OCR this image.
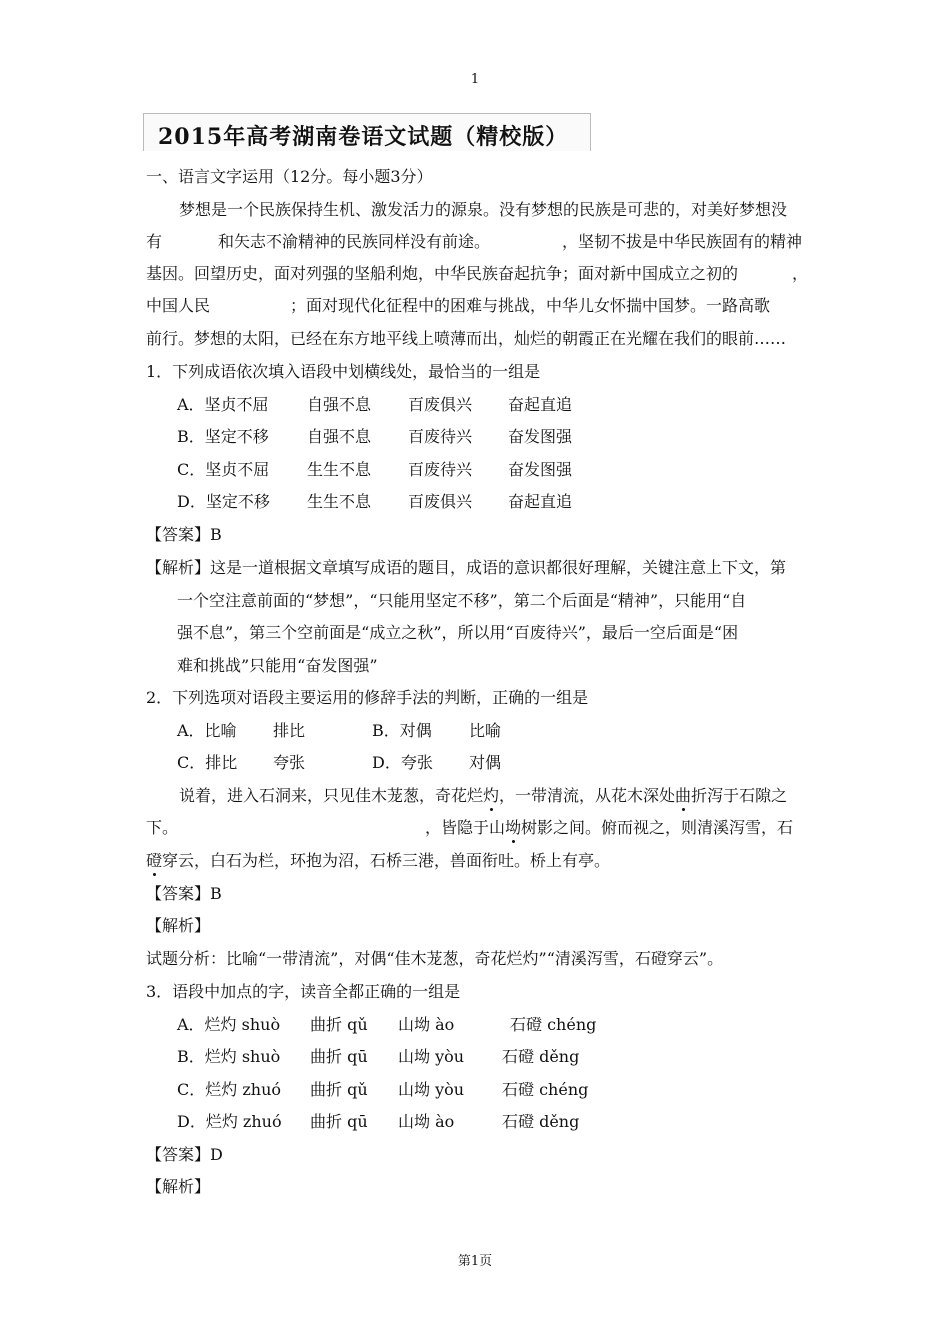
1
2015年高考湖南卷语文试题（精校版）
一、语言文字运用（12分。每小题3分）
梦想是一个民族保持生机、激发活力的源泉。没有梦想的民族是可悲的，对美好梦想没
有	和矢志不渝精神的民族同样没有前途。	，坚韧不拔是中华民族固有的精神
基因。回望历史，面对列强的坚船利炮，中华民族奋起抗争；面对新中国成立之初的	，
中国人民	；面对现代化征程中的困难与挑战，中华儿女怀揣中国梦。一路高歌
前行。梦想的太阳，已经在东方地平线上喷薄而出，灿烂的朝霞正在光耀在我们的眼前……
1．下列成语依次填入语段中划横线处，最恰当的一组是
A．坚贞不屈 自强不息 百废俱兴 奋起直追
B．坚定不移 自强不息 百废待兴 奋发图强
C．坚贞不屈 生生不息 百废待兴 奋发图强
D．坚定不移 生生不息 百废俱兴 奋起直追
【答案】B
【解析】这是一道根据文章填写成语的题目，成语的意识都很好理解，关键注意上下文，第
一个空注意前面的“梦想”，“只能用坚定不移”，第二个后面是“精神”，只能用“自
强不息”，第三个空前面是“成立之秋”，所以用“百废待兴”，最后一空后面是“困
难和挑战”只能用“奋发图强”
2．下列选项对语段主要运用的修辞手法的判断，正确的一组是
A．比喻 排比	B．对偶 比喻
C．排比 夸张	D．夸张 对偶
说着，进入石洞来，只见佳木茏葱，奇花烂灼，一带清流，从花木深处曲折泻于石隙之
下。	，皆隐于山坳树影之间。俯而视之，则清溪泻雪，石
磴穿云，白石为栏，环抱为沼，石桥三港，兽面衔吐。桥上有亭。
【答案】B
【解析】
试题分析：比喻“一带清流”，对偶“佳木茏葱，奇花烂灼”“清溪泻雪，石磴穿云”。
3．语段中加点的字，读音全都正确的一组是
A．烂灼 shuò 曲折 qǔ 山坳 ào	石磴 chéng
B．烂灼 shuò 曲折 qū 山坳 yòu 石磴 děng
C．烂灼 zhuó 曲折 qǔ 山坳 yòu 石磴 chéng
D．烂灼 zhuó 曲折 qū 山坳 ào	石磴 děng
【答案】D
【解析】
第1页
